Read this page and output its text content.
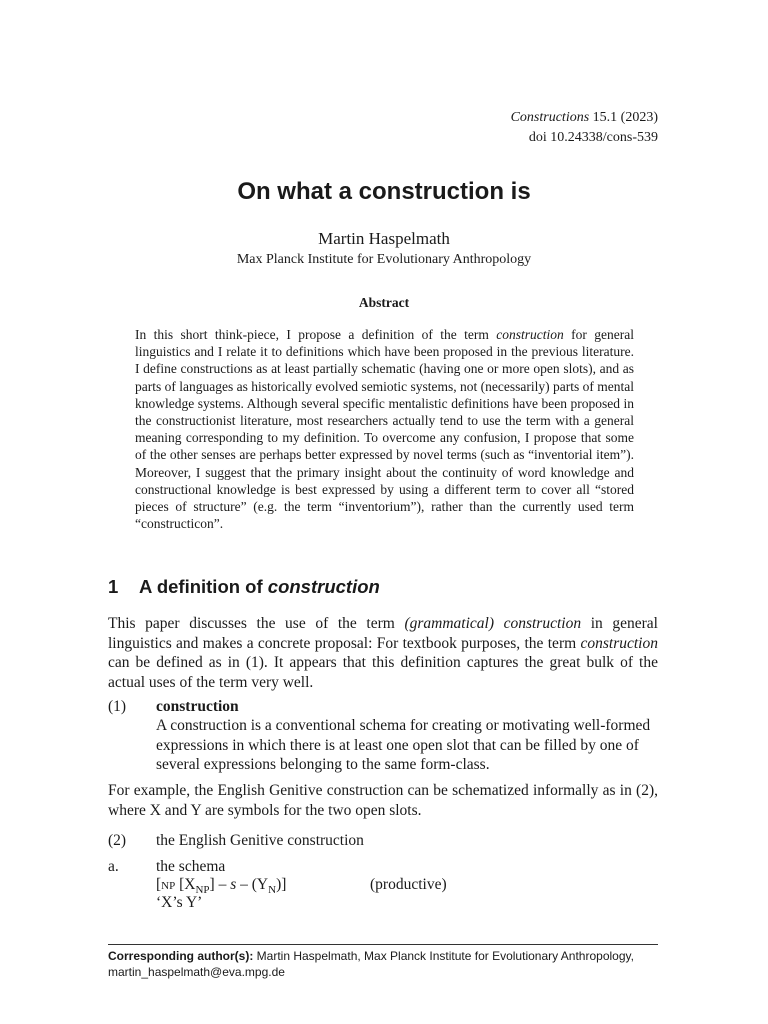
Constructions 15.1 (2023)
doi 10.24338/cons-539
On what a construction is
Martin Haspelmath
Max Planck Institute for Evolutionary Anthropology
Abstract
In this short think-piece, I propose a definition of the term construction for general linguistics and I relate it to definitions which have been proposed in the previous literature. I define constructions as at least partially schematic (having one or more open slots), and as parts of languages as historically evolved semiotic systems, not (necessarily) parts of mental knowledge systems. Although several specific mentalistic definitions have been proposed in the constructionist literature, most researchers actually tend to use the term with a general meaning corresponding to my definition. To overcome any confusion, I propose that some of the other senses are perhaps better expressed by novel terms (such as “inventorial item”). Moreover, I suggest that the primary insight about the continuity of word knowledge and constructional knowledge is best expressed by using a different term to cover all “stored pieces of structure” (e.g. the term “inventorium”), rather than the currently used term “constructicon”.
1 A definition of construction
This paper discusses the use of the term (grammatical) construction in general linguistics and makes a concrete proposal: For textbook purposes, the term construction can be defined as in (1). It appears that this definition captures the great bulk of the actual uses of the term very well.
(1) construction
A construction is a conventional schema for creating or motivating well-formed expressions in which there is at least one open slot that can be filled by one of several expressions belonging to the same form-class.
For example, the English Genitive construction can be schematized informally as in (2), where X and Y are symbols for the two open slots.
(2) the English Genitive construction
a. the schema
[NP $[X_{NP}]$ – s – $(Y_N)$]	(productive)
‘X’s Y’
Corresponding author(s): Martin Haspelmath, Max Planck Institute for Evolutionary Anthropology, martin_haspelmath@eva.mpg.de
